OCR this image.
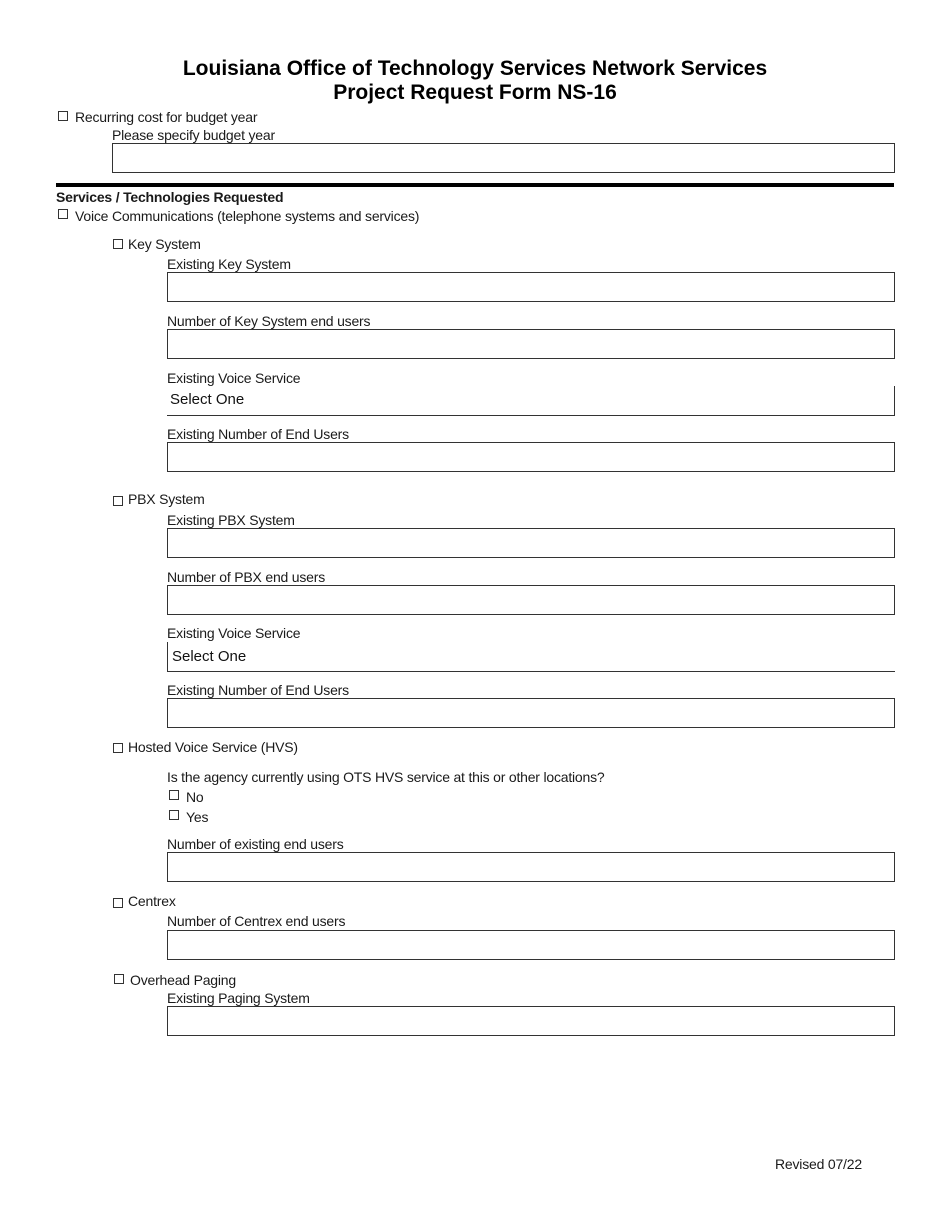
Louisiana Office of Technology Services Network Services
Project Request Form NS-16
Recurring cost for budget year
Please specify budget year
Services / Technologies Requested
Voice Communications (telephone systems and services)
Key System
Existing Key System
Number of Key System end users
Existing Voice Service
Select One
Existing Number of End Users
PBX System
Existing PBX System
Number of PBX end users
Existing Voice Service
Select One
Existing Number of End Users
Hosted Voice Service (HVS)
Is the agency currently using OTS HVS service at this or other locations?
No
Yes
Number of existing end users
Centrex
Number of Centrex end users
Overhead Paging
Existing Paging System
Revised 07/22
